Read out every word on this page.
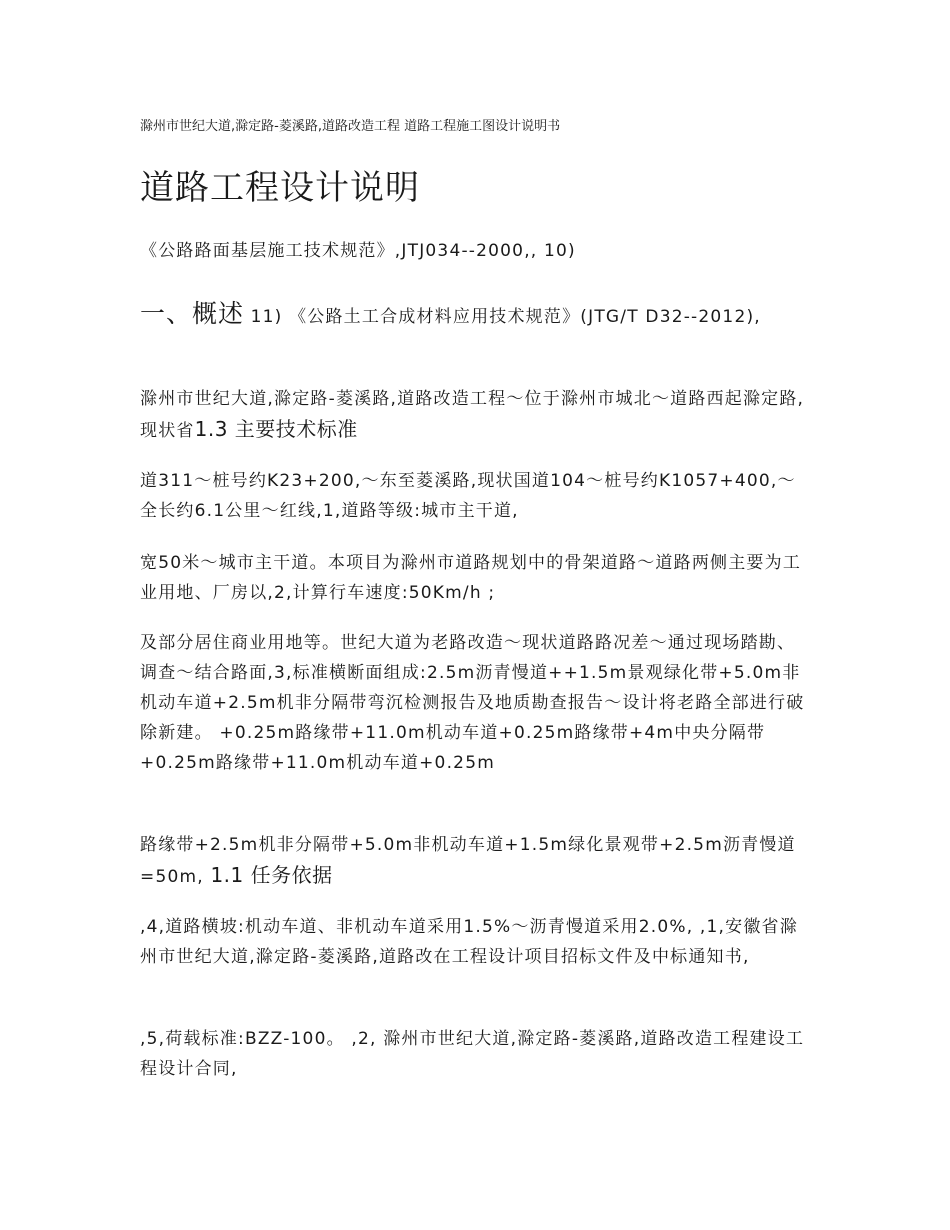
滁州市世纪大道,滁定路-菱溪路,道路改造工程 道路工程施工图设计说明书
道路工程设计说明

《公路路面基层施工技术规范》,JTJ034--2000,, 10)

一、概述 11) 《公路土工合成材料应用技术规范》(JTG/T D32--2012),

滁州市世纪大道,滁定路-菱溪路,道路改造工程～位于滁州市城北～道路西起滁定路,现状省1.3 主要技术标准

道311～桩号约K23+200,～东至菱溪路,现状国道104～桩号约K1057+400,～全长约6.1公里～红线,1,道路等级:城市主干道,

宽50米～城市主干道。本项目为滁州市道路规划中的骨架道路～道路两侧主要为工业用地、厂房以,2,计算行车速度:50Km/h ;

及部分居住商业用地等。世纪大道为老路改造～现状道路路况差～通过现场踏勘、调查～结合路面,3,标准横断面组成:2.5m沥青慢道++1.5m景观绿化带+5.0m非机动车道+2.5m机非分隔带弯沉检测报告及地质勘查报告～设计将老路全部进行破除新建。 +0.25m路缘带+11.0m机动车道+0.25m路缘带+4m中央分隔带+0.25m路缘带+11.0m机动车道+0.25m

路缘带+2.5m机非分隔带+5.0m非机动车道+1.5m绿化景观带+2.5m沥青慢道=50m, 1.1 任务依据

,4,道路横坡:机动车道、非机动车道采用1.5%～沥青慢道采用2.0%, ,1,安徽省滁州市世纪大道,滁定路-菱溪路,道路改在工程设计项目招标文件及中标通知书,

,5,荷载标准:BZZ-100。 ,2, 滁州市世纪大道,滁定路-菱溪路,道路改造工程建设工程设计合同,
